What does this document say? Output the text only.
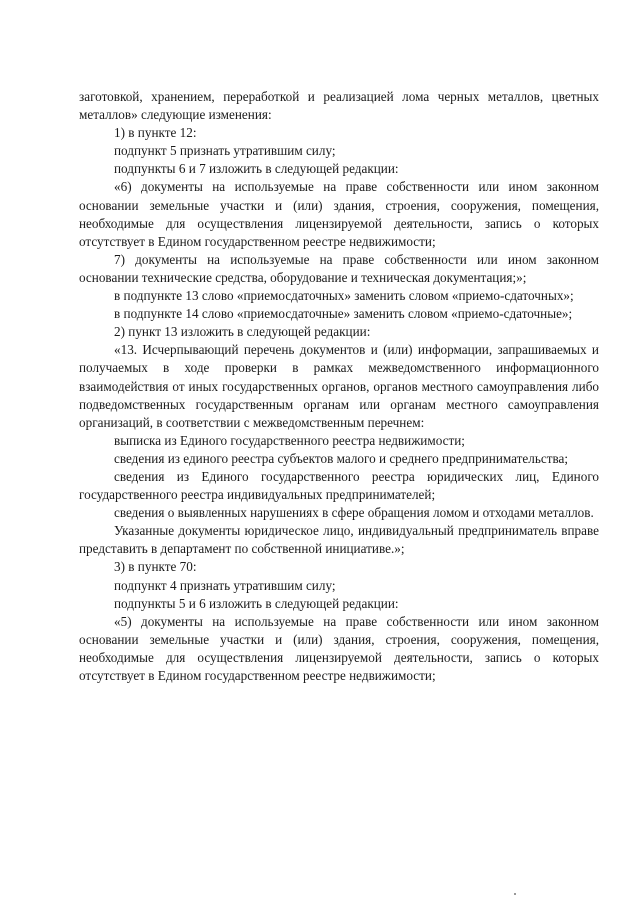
заготовкой, хранением, переработкой и реализацией лома черных металлов, цветных металлов» следующие изменения:

1) в пункте 12:

подпункт 5 признать утратившим силу;

подпункты 6 и 7 изложить в следующей редакции:

«6) документы на используемые на праве собственности или ином законном основании земельные участки и (или) здания, строения, сооружения, помещения, необходимые для осуществления лицензируемой деятельности, запись о которых отсутствует в Едином государственном реестре недвижимости;

7) документы на используемые на праве собственности или ином законном основании технические средства, оборудование и техническая документация;»;

в подпункте 13 слово «приемосдаточных» заменить словом «приемо-сдаточных»;

в подпункте 14 слово «приемосдаточные» заменить словом «приемо-сдаточные»;

2) пункт 13 изложить в следующей редакции:

«13. Исчерпывающий перечень документов и (или) информации, запрашиваемых и получаемых в ходе проверки в рамках межведомственного информационного взаимодействия от иных государственных органов, органов местного самоуправления либо подведомственных государственным органам или органам местного самоуправления организаций, в соответствии с межведомственным перечнем:

выписка из Единого государственного реестра недвижимости;

сведения из единого реестра субъектов малого и среднего предпринимательства;

сведения из Единого государственного реестра юридических лиц, Единого государственного реестра индивидуальных предпринимателей;

сведения о выявленных нарушениях в сфере обращения ломом и отходами металлов.

Указанные документы юридическое лицо, индивидуальный предприниматель вправе представить в департамент по собственной инициативе.»;

3) в пункте 70:

подпункт 4 признать утратившим силу;

подпункты 5 и 6 изложить в следующей редакции:

«5) документы на используемые на праве собственности или ином законном основании земельные участки и (или) здания, строения, сооружения, помещения, необходимые для осуществления лицензируемой деятельности, запись о которых отсутствует в Едином государственном реестре недвижимости;
